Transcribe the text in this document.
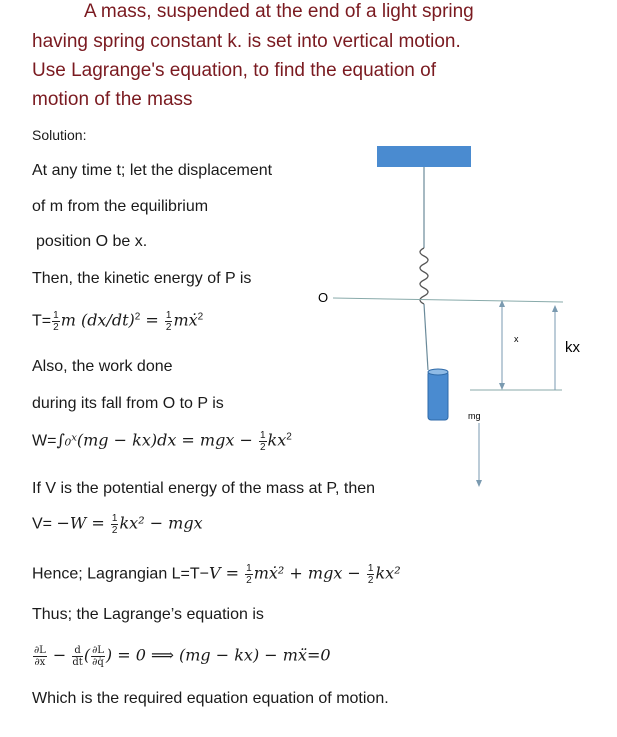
A mass, suspended at the end of a light spring
having spring constant k. is set into vertical motion.
Use Lagrange's equation, to find the equation of
motion of the mass
Solution:
At any time t; let the displacement
of m from the equilibrium
position O be x.
Then, the kinetic energy of P is
$T= \frac{1}{2}$ m $(dx/dt)^2 = \frac{1}{2}$ mẋ$^2$
Also, the work done
during its fall from O to P is
W=∫₀ˣ(mg − kx)dx = mgx − $\frac{1}{2} kx^2$
If V is the potential energy of the mass at P, then
$V= -W = \frac{1}{2} kx^2$ − mgx
Hence; Lagrangian $L=T-V = \frac{1}{2}$ mẋ² + mgx − $\frac{1}{2} kx^2$
Thus; the Lagrange’s equation is
$\frac{\partial L}{\partial x} - \frac{d}{dt}$ ( $\frac{\partial L}{\partial q̇}$ ) = 0 ⟹ (mg − kx) − mẍ=0
Which is the required equation equation of motion.
O
x	kx
mg
